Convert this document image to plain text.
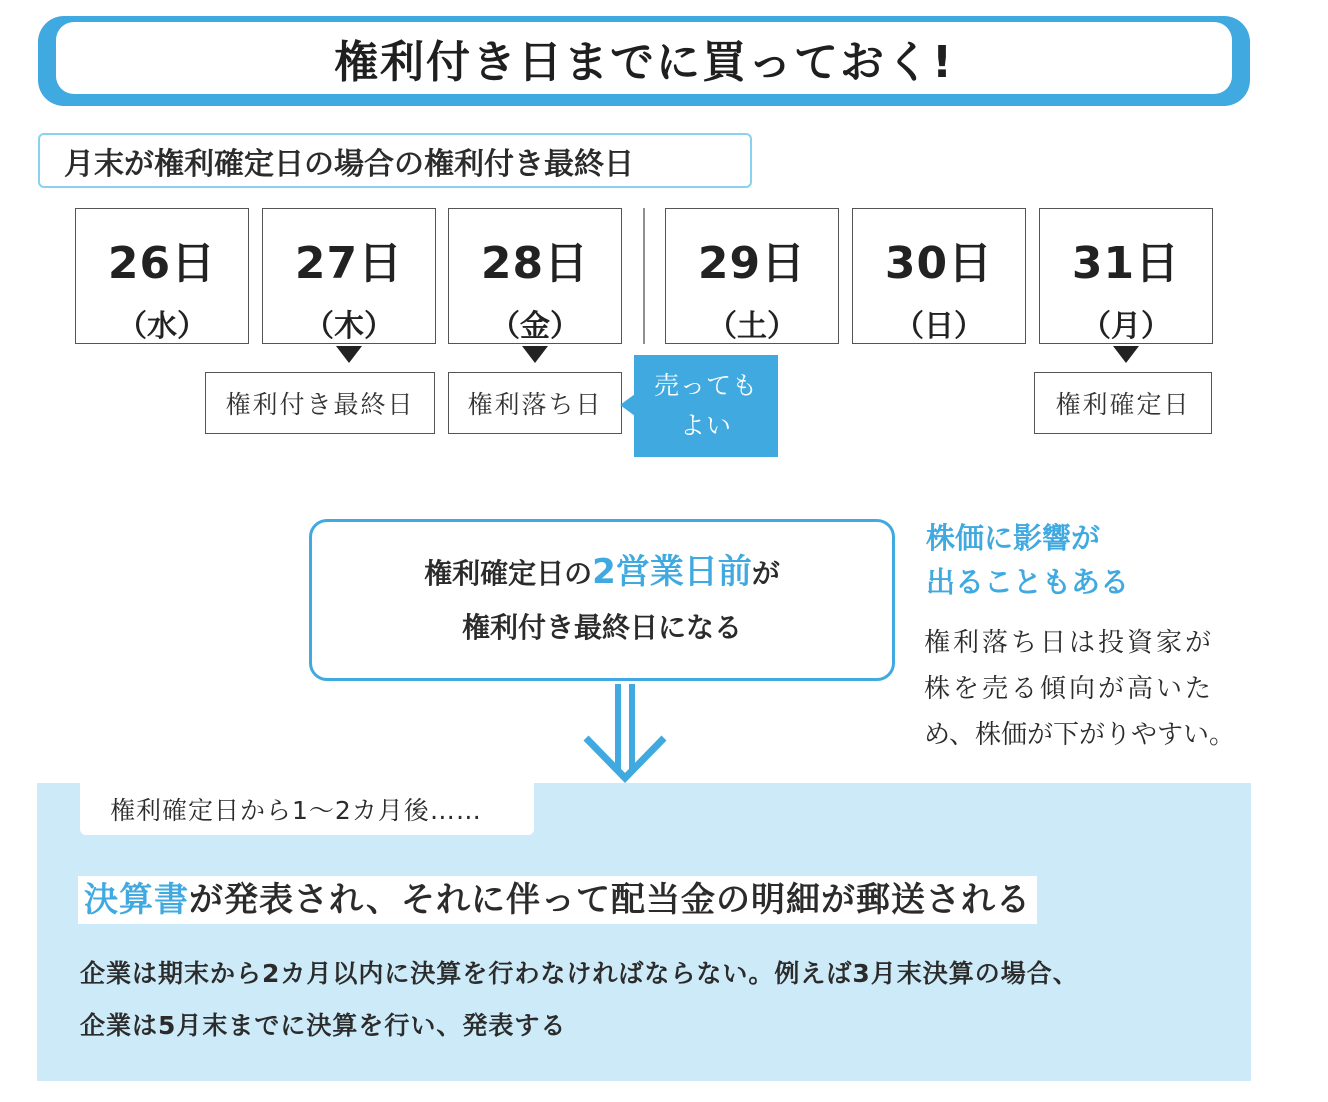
権利付き日までに買っておく!
月末が権利確定日の場合の権利付き最終日
26日
（水）
27日
（木）
28日
（金）
29日
（土）
30日
（日）
31日
（月）
権利付き最終日	権利落ち日	権利確定日
売っても
よい
権利確定日の2営業日前が
権利付き最終日になる
株価に影響が
出ることもある
権利落ち日は投資家が
株を売る傾向が高いた
め、株価が下がりやすい。
権利確定日から1～2カ月後……
決算書が発表され、それに伴って配当金の明細が郵送される
企業は期末から2カ月以内に決算を行わなければならない。例えば3月末決算の場合、
企業は5月末までに決算を行い、発表する
